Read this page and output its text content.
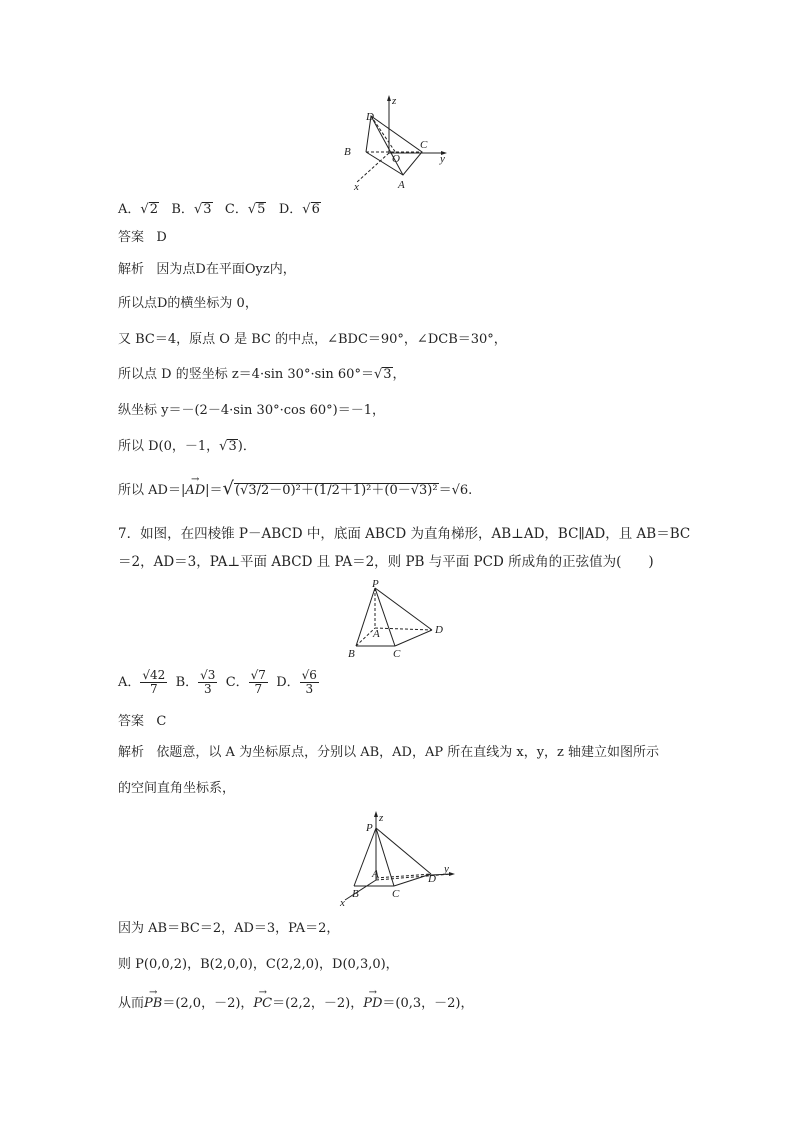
z
y
x
D
B
C
O
A
A．√2 B．√3 C．√5 D．√6
答案 D
解析 因为点D在平面Oyz内，
所以点D的横坐标为 0，
又 BC＝4，原点 O 是 BC 的中点，∠BDC＝90°，∠DCB＝30°，
所以点 D 的竖坐标 z＝4·sin 30°·sin 60°＝√3，
纵坐标 y＝－(2－4·sin 30°·cos 60°)＝－1，
所以 D(0，－1，√3)．
所以 AD＝|→ AD|＝√(√3/2－0)²＋(1/2＋1)²＋(0－√3)²＝√6.
7．如图，在四棱锥 P－ABCD 中，底面 ABCD 为直角梯形，AB⊥AD，BC∥AD，且 AB＝BC
＝2，AD＝3，PA⊥平面 ABCD 且 PA＝2，则 PB 与平面 PCD 所成角的正弦值为(　　)
P
A
B	C
D
A． $\frac{√42}{7}$ B． $\frac{√3}{3}$ C． $\frac{√7}{7}$ D． $\frac{√6}{3}$
答案 C
解析 依题意，以 A 为坐标原点，分别以 AB，AD，AP 所在直线为 x，y，z 轴建立如图所示
的空间直角坐标系，
z
P
A
B	C
D
y
x
因为 AB＝BC＝2，AD＝3，PA＝2，
则 P(0,0,2)，B(2,0,0)，C(2,2,0)，D(0,3,0)，
从而→ PB＝(2,0，－2)，→ PC＝(2,2，－2)，→ PD＝(0,3，－2)，
